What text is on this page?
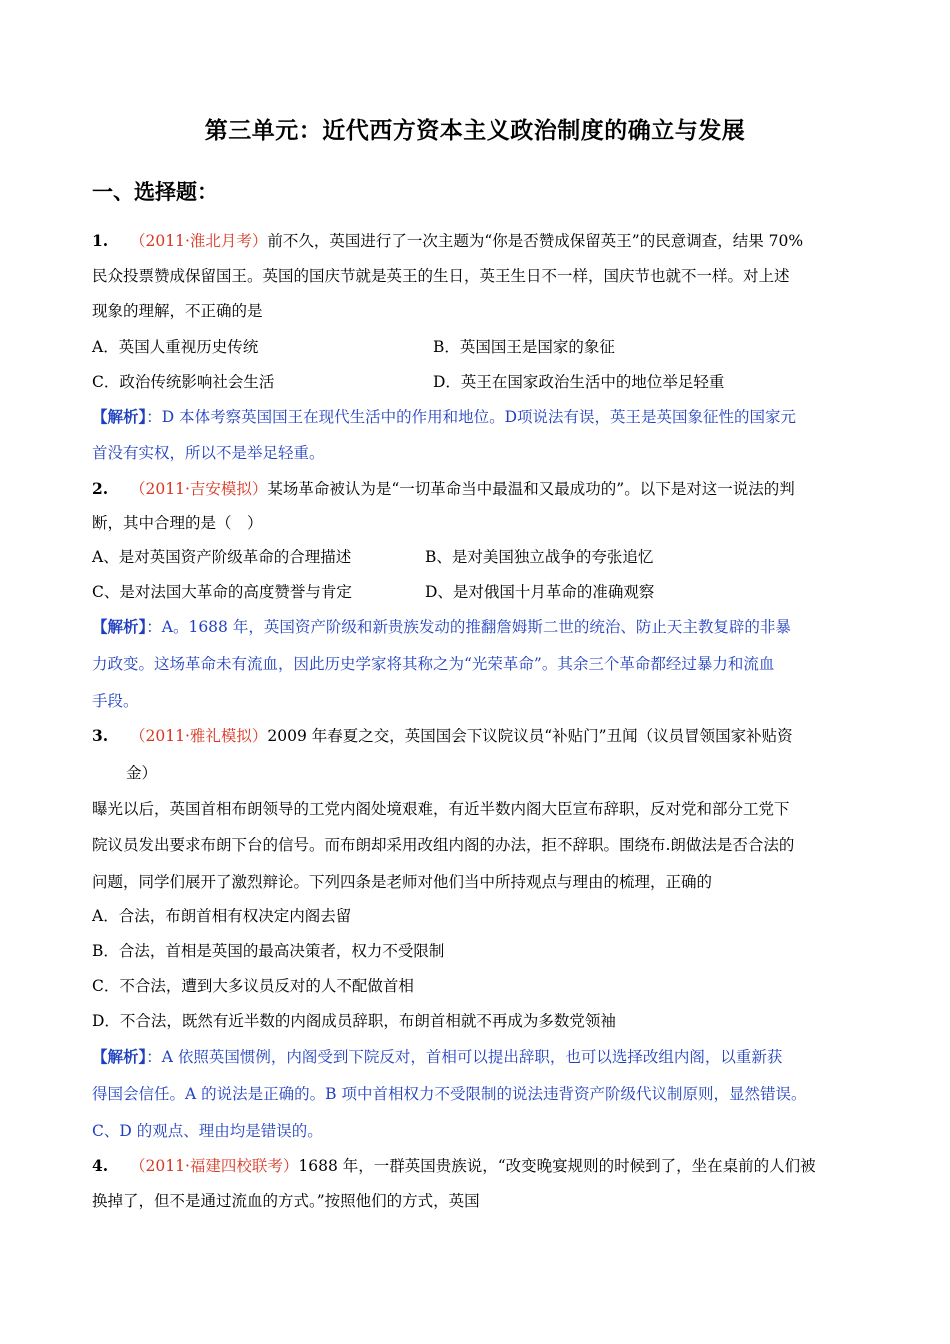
第三单元：近代西方资本主义政治制度的确立与发展
一、选择题：
1. （2011·淮北月考）前不久，英国进行了一次主题为“你是否赞成保留英王”的民意调查，结果 70%
民众投票赞成保留国王。英国的国庆节就是英王的生日，英王生日不一样，国庆节也就不一样。对上述
现象的理解，不正确的是
A．英国人重视历史传统	B．英国国王是国家的象征
C．政治传统影响社会生活	D．英王在国家政治生活中的地位举足轻重
【解析】：D 本体考察英国国王在现代生活中的作用和地位。D项说法有误，英王是英国象征性的国家元
首没有实权，所以不是举足轻重。
2. （2011·吉安模拟）某场革命被认为是“一切革命当中最温和又最成功的”。以下是对这一说法的判
断，其中合理的是（　）
A、是对英国资产阶级革命的合理描述	B、是对美国独立战争的夸张追忆
C、是对法国大革命的高度赞誉与肯定	D、是对俄国十月革命的准确观察
【解析】：A。1688 年，英国资产阶级和新贵族发动的推翻詹姆斯二世的统治、防止天主教复辟的非暴
力政变。这场革命未有流血，因此历史学家将其称之为“光荣革命”。其余三个革命都经过暴力和流血
手段。
3. （2011·雅礼模拟）2009 年春夏之交，英国国会下议院议员“补贴门”丑闻（议员冒领国家补贴资
金）
曝光以后，英国首相布朗领导的工党内阁处境艰难，有近半数内阁大臣宣布辞职，反对党和部分工党下
院议员发出要求布朗下台的信号。而布朗却采用改组内阁的办法，拒不辞职。围绕布.朗做法是否合法的
问题，同学们展开了激烈辩论。下列四条是老师对他们当中所持观点与理由的梳理，正确的
A．合法，布朗首相有权决定内阁去留
B．合法，首相是英国的最高决策者，权力不受限制
C．不合法，遭到大多议员反对的人不配做首相
D．不合法，既然有近半数的内阁成员辞职，布朗首相就不再成为多数党领袖
【解析】：A 依照英国惯例，内阁受到下院反对，首相可以提出辞职，也可以选择改组内阁，以重新获
得国会信任。A 的说法是正确的。B 项中首相权力不受限制的说法违背资产阶级代议制原则，显然错误。
C、D 的观点、理由均是错误的。
4. （2011·福建四校联考）1688 年，一群英国贵族说，“改变晚宴规则的时候到了，坐在桌前的人们被
换掉了，但不是通过流血的方式。”按照他们的方式，英国
